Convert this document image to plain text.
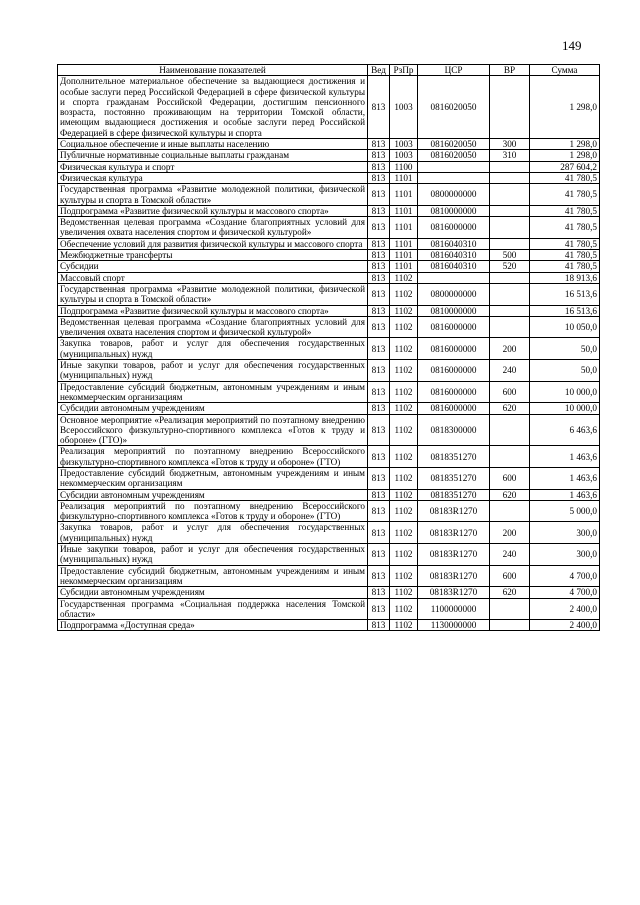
149
Наименование показателей	Вед	РзПр	ЦСР	ВР	Сумма
Дополнительное материальное обеспечение за выдающиеся достижения и особые заслуги перед Российской Федерацией в сфере физической культуры и спорта гражданам Российской Федерации, достигшим пенсионного возраста, постоянно проживающим на территории Томской области, имеющим выдающиеся достижения и особые заслуги перед Российской Федерацией в сфере физической культуры и спорта	813	1003	0816020050		1 298,0
Социальное обеспечение и иные выплаты населению	813	1003	0816020050	300	1 298,0
Публичные нормативные социальные выплаты гражданам	813	1003	0816020050	310	1 298,0
Физическая культура и спорт	813	1100			287 604,2
Физическая культура	813	1101			41 780,5
Государственная программа «Развитие молодежной политики, физической культуры и спорта в Томской области»	813	1101	0800000000		41 780,5
Подпрограмма «Развитие физической культуры и массового спорта»	813	1101	0810000000		41 780,5
Ведомственная целевая программа «Создание благоприятных условий для увеличения охвата населения спортом и физической культурой»	813	1101	0816000000		41 780,5
Обеспечение условий для развития физической культуры и массового спорта	813	1101	0816040310		41 780,5
Межбюджетные трансферты	813	1101	0816040310	500	41 780,5
Субсидии	813	1101	0816040310	520	41 780,5
Массовый спорт	813	1102			18 913,6
Государственная программа «Развитие молодежной политики, физической культуры и спорта в Томской области»	813	1102	0800000000		16 513,6
Подпрограмма «Развитие физической культуры и массового спорта»	813	1102	0810000000		16 513,6
Ведомственная целевая программа «Создание благоприятных условий для увеличения охвата населения спортом и физической культурой»	813	1102	0816000000		10 050,0
Закупка товаров, работ и услуг для обеспечения государственных (муниципальных) нужд	813	1102	0816000000	200	50,0
Иные закупки товаров, работ и услуг для обеспечения государственных (муниципальных) нужд	813	1102	0816000000	240	50,0
Предоставление субсидий бюджетным, автономным учреждениям и иным некоммерческим организациям	813	1102	0816000000	600	10 000,0
Субсидии автономным учреждениям	813	1102	0816000000	620	10 000,0
Основное мероприятие «Реализация мероприятий по поэтапному внедрению Всероссийского физкультурно-спортивного комплекса «Готов к труду и обороне» (ГТО)»	813	1102	0818300000		6 463,6
Реализация мероприятий по поэтапному внедрению Всероссийского физкультурно-спортивного комплекса «Готов к труду и обороне» (ГТО)	813	1102	0818351270		1 463,6
Предоставление субсидий бюджетным, автономным учреждениям и иным некоммерческим организациям	813	1102	0818351270	600	1 463,6
Субсидии автономным учреждениям	813	1102	0818351270	620	1 463,6
Реализация мероприятий по поэтапному внедрению Всероссийского физкультурно-спортивного комплекса «Готов к труду и обороне» (ГТО)	813	1102	08183R1270		5 000,0
Закупка товаров, работ и услуг для обеспечения государственных (муниципальных) нужд	813	1102	08183R1270	200	300,0
Иные закупки товаров, работ и услуг для обеспечения государственных (муниципальных) нужд	813	1102	08183R1270	240	300,0
Предоставление субсидий бюджетным, автономным учреждениям и иным некоммерческим организациям	813	1102	08183R1270	600	4 700,0
Субсидии автономным учреждениям	813	1102	08183R1270	620	4 700,0
Государственная программа «Социальная поддержка населения Томской области»	813	1102	1100000000		2 400,0
Подпрограмма «Доступная среда»	813	1102	1130000000		2 400,0
